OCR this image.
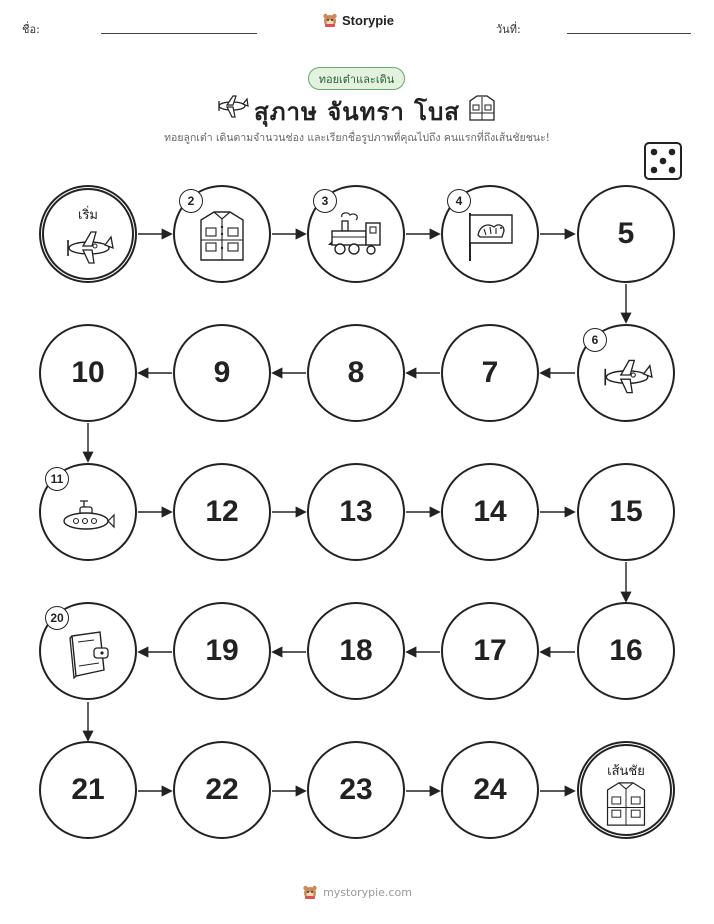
ชื่อ:
Storypie
วันที่:
ทอยเต๋าและเดิน
สุภาษ จันทรา โบส
ทอยลูกเต๋า เดินตามจำนวนช่อง และเรียกชื่อรูปภาพที่คุณไปถึง คนแรกที่ถึงเส้นชัยชนะ!
เริ่ม
2	3	4
5
10	9	8	7
6
11
12	13	14	15
20
19	18	17	16
21	22	23	24
เส้นชัย
mystorypie.com
